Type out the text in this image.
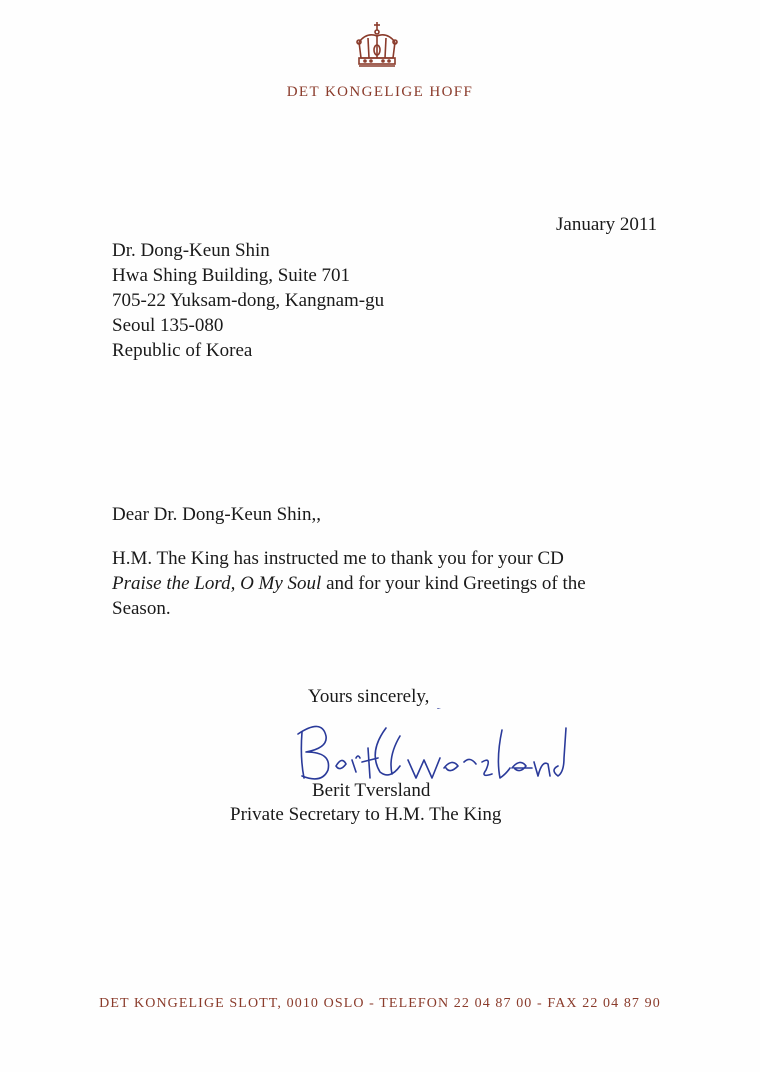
DET KONGELIGE HOFF
January 2011
Dr. Dong-Keun Shin
Hwa Shing Building, Suite 701
705-22 Yuksam-dong, Kangnam-gu
Seoul 135-080
Republic of Korea
Dear Dr. Dong-Keun Shin,,
H.M. The King has instructed me to thank you for your CD Praise the Lord, O My Soul and for your kind Greetings of the Season.
Yours sincerely,
Berit Tversland
Private Secretary to H.M. The King
DET KONGELIGE SLOTT, 0010 OSLO - TELEFON 22 04 87 00 - FAX 22 04 87 90
